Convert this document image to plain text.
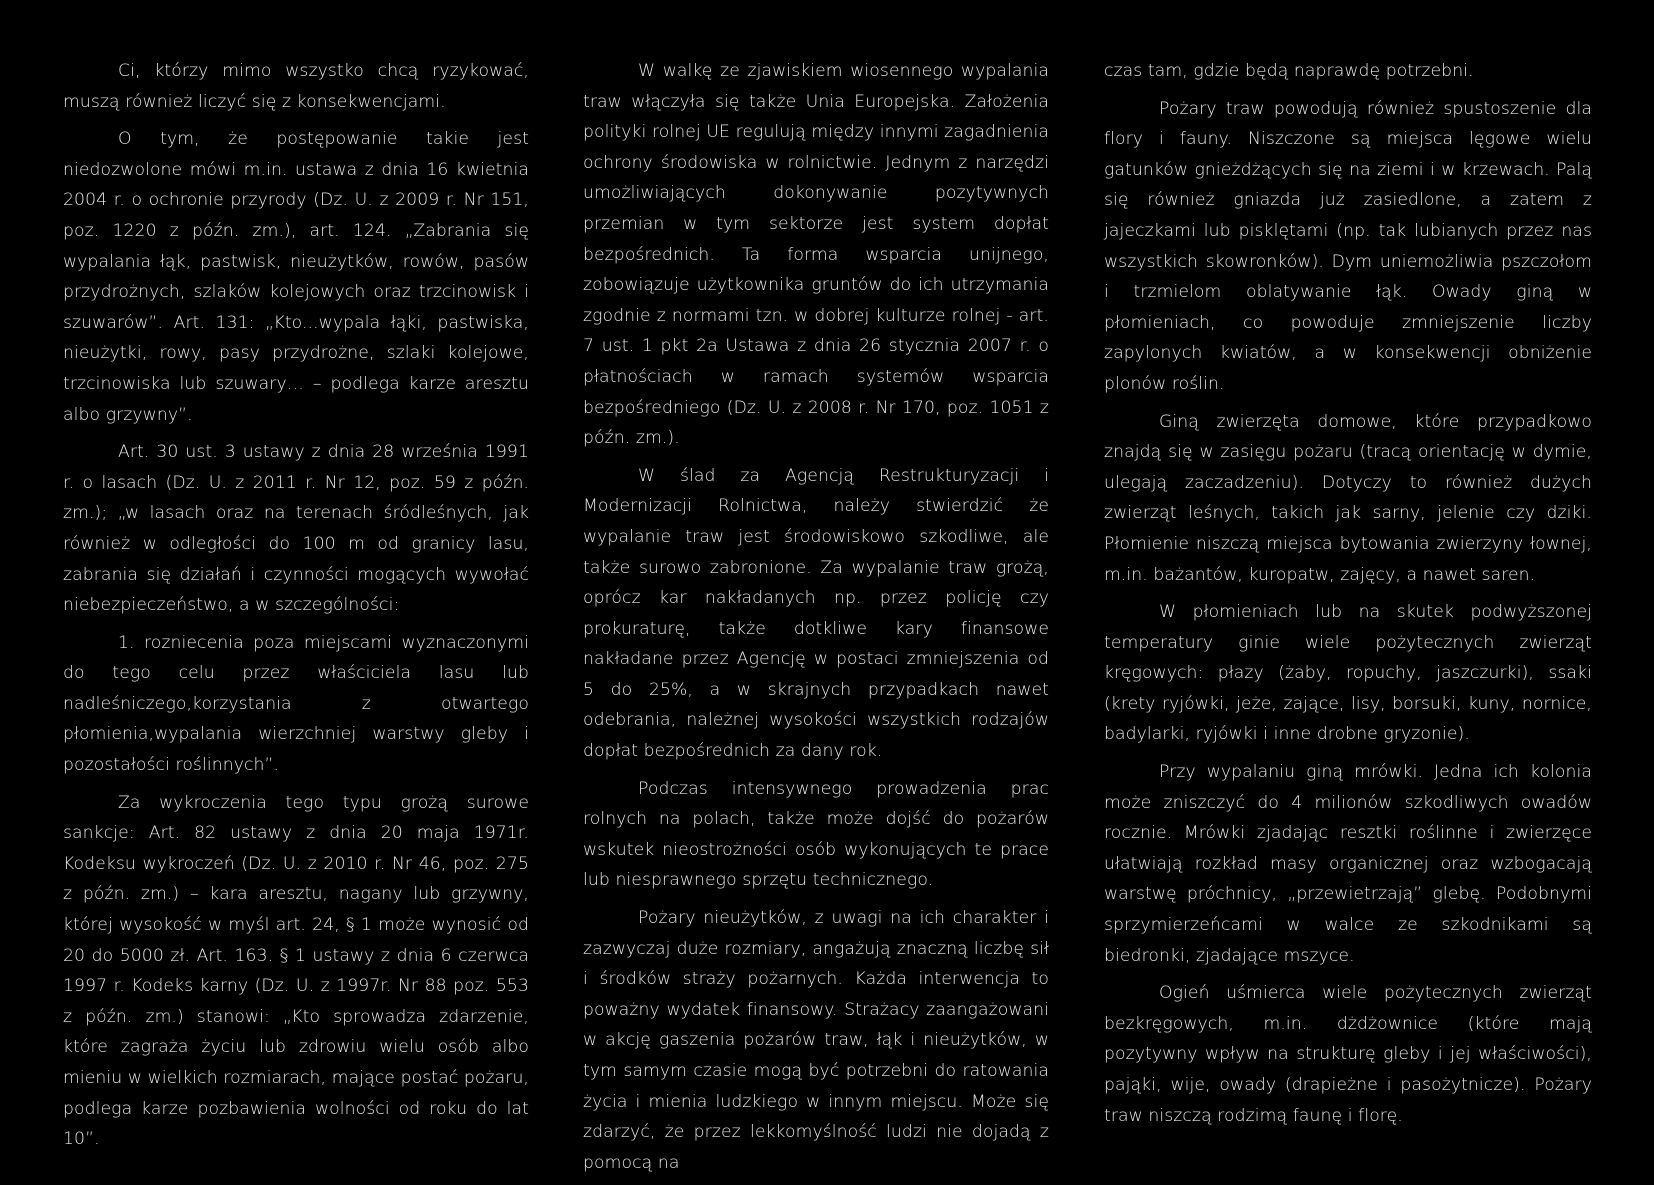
Ci, którzy mimo wszystko chcą ryzykować, muszą również liczyć się z konsekwencjami.

O tym, że postępowanie takie jest niedozwolone mówi m.in. ustawa z dnia 16 kwietnia 2004 r. o ochronie przyrody (Dz. U. z 2009 r. Nr 151, poz. 1220 z późn. zm.), art. 124. „Zabrania się wypalania łąk, pastwisk, nieużytków, rowów, pasów przydrożnych, szlaków kolejowych oraz trzcinowisk i szuwarów”. Art. 131: „Kto...wypala łąki, pastwiska, nieużytki, rowy, pasy przydrożne, szlaki kolejowe, trzcinowiska lub szuwary… – podlega karze aresztu albo grzywny”.

Art. 30 ust. 3 ustawy z dnia 28 września 1991 r. o lasach (Dz. U. z 2011 r. Nr 12, poz. 59 z późn. zm.); „w lasach oraz na terenach śródleśnych, jak również w odległości do 100 m od granicy lasu, zabrania się działań i czynności mogących wywołać niebezpieczeństwo, a w szczególności:

1. rozniecenia poza miejscami wyznaczonymi do tego celu przez właściciela lasu lub nadleśniczego,korzystania z otwartego płomienia,wypalania wierzchniej warstwy gleby i pozostałości roślinnych”.

Za wykroczenia tego typu grożą surowe sankcje: Art. 82 ustawy z dnia 20 maja 1971r. Kodeksu wykroczeń (Dz. U. z 2010 r. Nr 46, poz. 275 z późn. zm.) – kara aresztu, nagany lub grzywny, której wysokość w myśl art. 24, § 1 może wynosić od 20 do 5000 zł. Art. 163. § 1 ustawy z dnia 6 czerwca 1997 r. Kodeks karny (Dz. U. z 1997r. Nr 88 poz. 553 z późn. zm.) stanowi: „Kto sprowadza zdarzenie, które zagraża życiu lub zdrowiu wielu osób albo mieniu w wielkich rozmiarach, mające postać pożaru, podlega karze pozbawienia wolności od roku do lat 10”.

W walkę ze zjawiskiem wiosennego wypalania traw włączyła się także Unia Europejska. Założenia polityki rolnej UE regulują między innymi zagadnienia ochrony środowiska w rolnictwie. Jednym z narzędzi umożliwiających dokonywanie pozytywnych przemian w tym sektorze jest system dopłat bezpośrednich. Ta forma wsparcia unijnego, zobowiązuje użytkownika gruntów do ich utrzymania zgodnie z normami tzn. w dobrej kulturze rolnej - art. 7 ust. 1 pkt 2a Ustawa z dnia 26 stycznia 2007 r. o płatnościach w ramach systemów wsparcia bezpośredniego (Dz. U. z 2008 r. Nr 170, poz. 1051 z późn. zm.).

W ślad za Agencją Restrukturyzacji i Modernizacji Rolnictwa, należy stwierdzić że wypalanie traw jest środowiskowo szkodliwe, ale także surowo zabronione. Za wypalanie traw grożą, oprócz kar nakładanych np. przez policję czy prokuraturę, także dotkliwe kary finansowe nakładane przez Agencję w postaci zmniejszenia od 5 do 25%, a w skrajnych przypadkach nawet odebrania, należnej wysokości wszystkich rodzajów dopłat bezpośrednich za dany rok.

Podczas intensywnego prowadzenia prac rolnych na polach, także może dojść do pożarów wskutek nieostrożności osób wykonujących te prace lub niesprawnego sprzętu technicznego.

Pożary nieużytków, z uwagi na ich charakter i zazwyczaj duże rozmiary, angażują znaczną liczbę sił i środków straży pożarnych. Każda interwencja to poważny wydatek finansowy. Strażacy zaangażowani w akcję gaszenia pożarów traw, łąk i nieużytków, w tym samym czasie mogą być potrzebni do ratowania życia i mienia ludzkiego w innym miejscu. Może się zdarzyć, że przez lekkomyślność ludzi nie dojadą z pomocą na

czas tam, gdzie będą naprawdę potrzebni.

Pożary traw powodują również spustoszenie dla flory i fauny. Niszczone są miejsca lęgowe wielu gatunków gnieżdżących się na ziemi i w krzewach. Palą się również gniazda już zasiedlone, a zatem z jajeczkami lub pisklętami (np. tak lubianych przez nas wszystkich skowronków). Dym uniemożliwia pszczołom i trzmielom oblatywanie łąk. Owady giną w płomieniach, co powoduje zmniejszenie liczby zapylonych kwiatów, a w konsekwencji obniżenie plonów roślin.

Giną zwierzęta domowe, które przypadkowo znajdą się w zasięgu pożaru (tracą orientację w dymie, ulegają zaczadzeniu). Dotyczy to również dużych zwierząt leśnych, takich jak sarny, jelenie czy dziki. Płomienie niszczą miejsca bytowania zwierzyny łownej, m.in. bażantów, kuropatw, zajęcy, a nawet saren.

W płomieniach lub na skutek podwyższonej temperatury ginie wiele pożytecznych zwierząt kręgowych: płazy (żaby, ropuchy, jaszczurki), ssaki (krety ryjówki, jeże, zające, lisy, borsuki, kuny, nornice, badylarki, ryjówki i inne drobne gryzonie).

Przy wypalaniu giną mrówki. Jedna ich kolonia może zniszczyć do 4 milionów szkodliwych owadów rocznie. Mrówki zjadając resztki roślinne i zwierzęce ułatwiają rozkład masy organicznej oraz wzbogacają warstwę próchnicy, „przewietrzają” glebę. Podobnymi sprzymierzeńcami w walce ze szkodnikami są biedronki, zjadające mszyce.

Ogień uśmierca wiele pożytecznych zwierząt bezkręgowych, m.in. dżdżownice (które mają pozytywny wpływ na strukturę gleby i jej właściwości), pająki, wije, owady (drapieżne i pasożytnicze). Pożary traw niszczą rodzimą faunę i florę.
